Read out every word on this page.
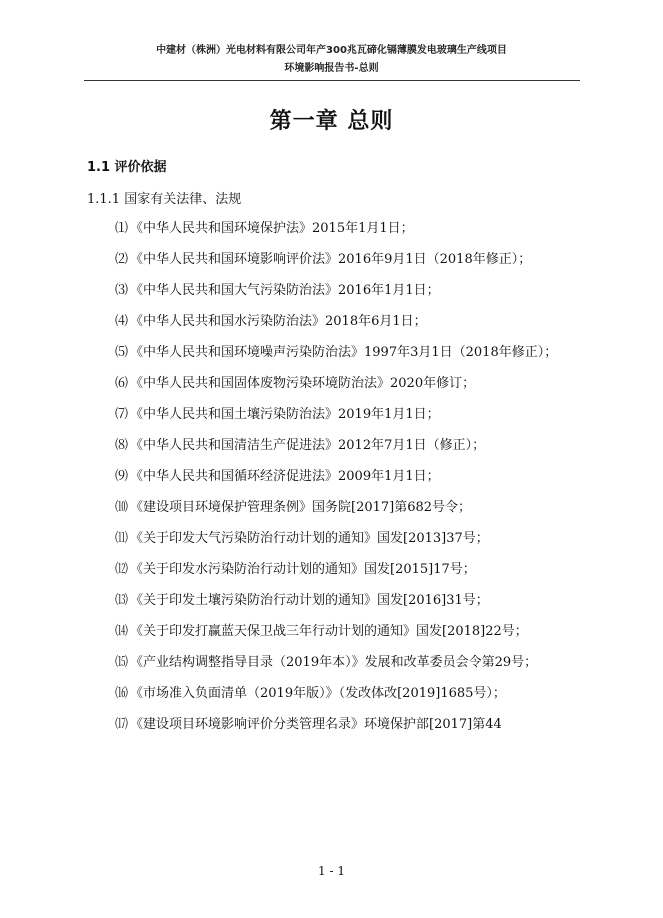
中建材（株洲）光电材料有限公司年产300兆瓦碲化镉薄膜发电玻璃生产线项目
环境影响报告书-总则
第一章 总则
1.1 评价依据
1.1.1 国家有关法律、法规
⑴ 《中华人民共和国环境保护法》2015年1月1日；
⑵ 《中华人民共和国环境影响评价法》2016年9月1日（2018年修正）；
⑶ 《中华人民共和国大气污染防治法》2016年1月1日；
⑷ 《中华人民共和国水污染防治法》2018年6月1日；
⑸ 《中华人民共和国环境噪声污染防治法》1997年3月1日（2018年修正）；
⑹ 《中华人民共和国固体废物污染环境防治法》2020年修订；
⑺ 《中华人民共和国土壤污染防治法》2019年1月1日；
⑻ 《中华人民共和国清洁生产促进法》2012年7月1日（修正）；
⑼ 《中华人民共和国循环经济促进法》2009年1月1日；
⑽ 《建设项目环境保护管理条例》国务院[2017]第682号令；
⑾ 《关于印发大气污染防治行动计划的通知》国发[2013]37号；
⑿ 《关于印发水污染防治行动计划的通知》国发[2015]17号；
⒀ 《关于印发土壤污染防治行动计划的通知》国发[2016]31号；
⒁ 《关于印发打赢蓝天保卫战三年行动计划的通知》国发[2018]22号；
⒂ 《产业结构调整指导目录（2019年本）》发展和改革委员会令第29号；
⒃ 《市场准入负面清单（2019年版）》（发改体改[2019]1685号）；
⒄ 《建设项目环境影响评价分类管理名录》环境保护部[2017]第44
1 - 1
